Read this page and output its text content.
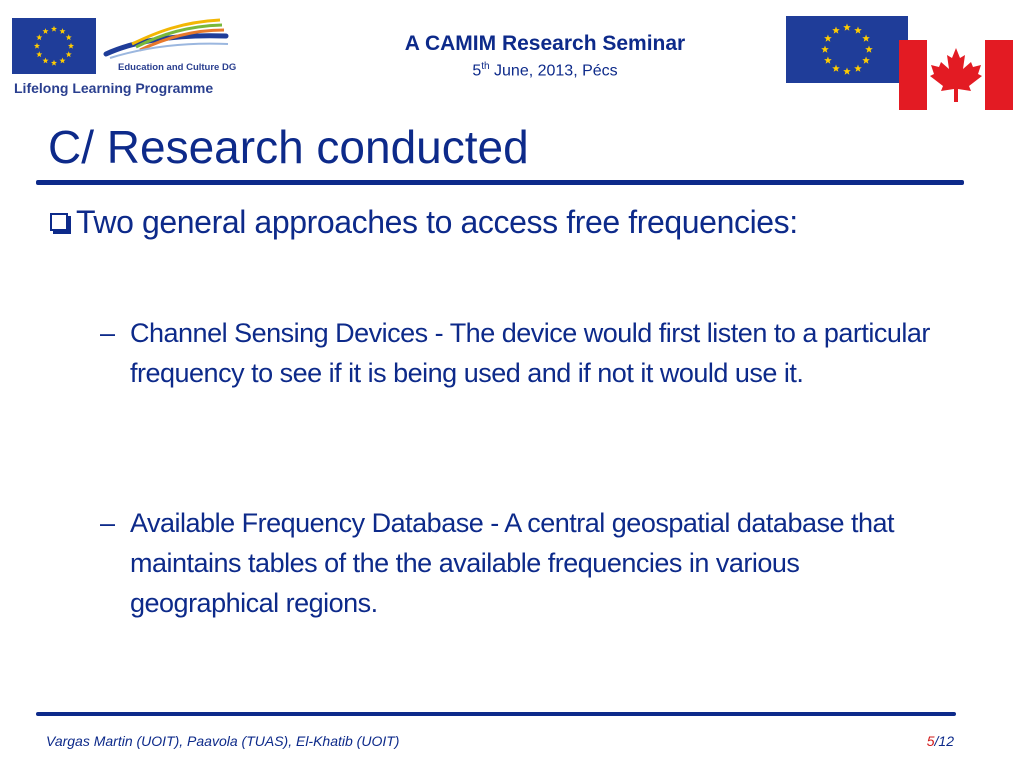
Education and Culture DG
Lifelong Learning Programme
A CAMIM Research Seminar
5th June, 2013, Pécs
C/ Research conducted
Two general approaches to access free frequencies:
– Channel Sensing Devices - The device would first listen to a particular frequency to see if it is being used and if not it would use it.
– Available Frequency Database - A central geospatial database that maintains tables of the the available frequencies in various geographical regions.
Vargas Martin (UOIT), Paavola (TUAS), El-Khatib (UOIT)	5/12
